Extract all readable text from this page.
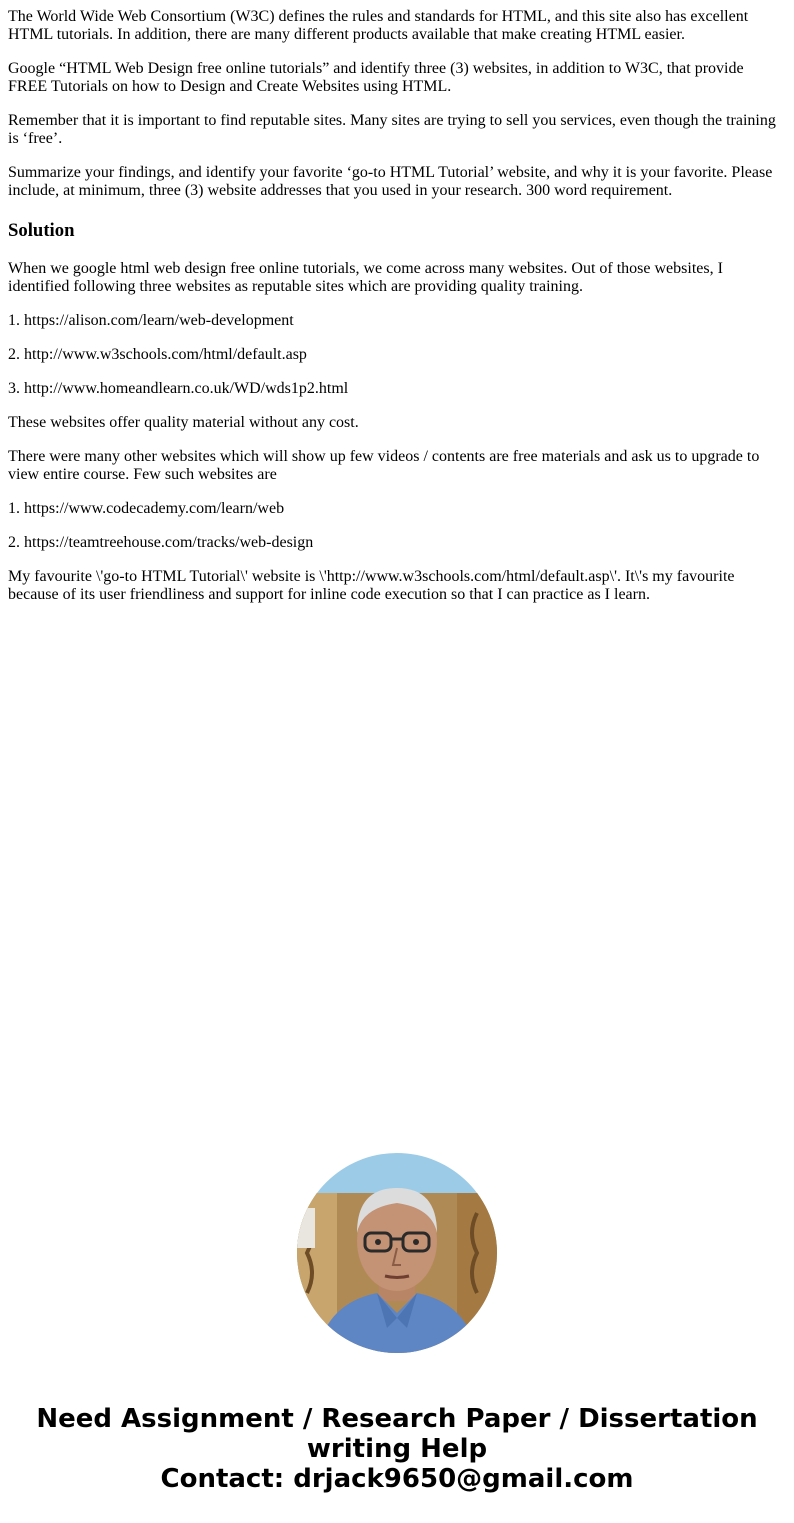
The World Wide Web Consortium (W3C) defines the rules and standards for HTML, and this site also has excellent HTML tutorials. In addition, there are many different products available that make creating HTML easier.

Google “HTML Web Design free online tutorials” and identify three (3) websites, in addition to W3C, that provide FREE Tutorials on how to Design and Create Websites using HTML.

Remember that it is important to find reputable sites. Many sites are trying to sell you services, even though the training is ‘free’.

Summarize your findings, and identify your favorite ‘go-to HTML Tutorial’ website, and why it is your favorite. Please include, at minimum, three (3) website addresses that you used in your research. 300 word requirement.

Solution

When we google html web design free online tutorials, we come across many websites. Out of those websites, I identified following three websites as reputable sites which are providing quality training.

1. https://alison.com/learn/web-development

2. http://www.w3schools.com/html/default.asp

3. http://www.homeandlearn.co.uk/WD/wds1p2.html

These websites offer quality material without any cost.

There were many other websites which will show up few videos / contents are free materials and ask us to upgrade to view entire course. Few such websites are

1. https://www.codecademy.com/learn/web

2. https://teamtreehouse.com/tracks/web-design

My favourite \'go-to HTML Tutorial\' website is \'http://www.w3schools.com/html/default.asp\'. It\'s my favourite because of its user friendliness and support for inline code execution so that I can practice as I learn.

Need Assignment / Research Paper / Dissertation
writing Help
Contact: drjack9650@gmail.com
